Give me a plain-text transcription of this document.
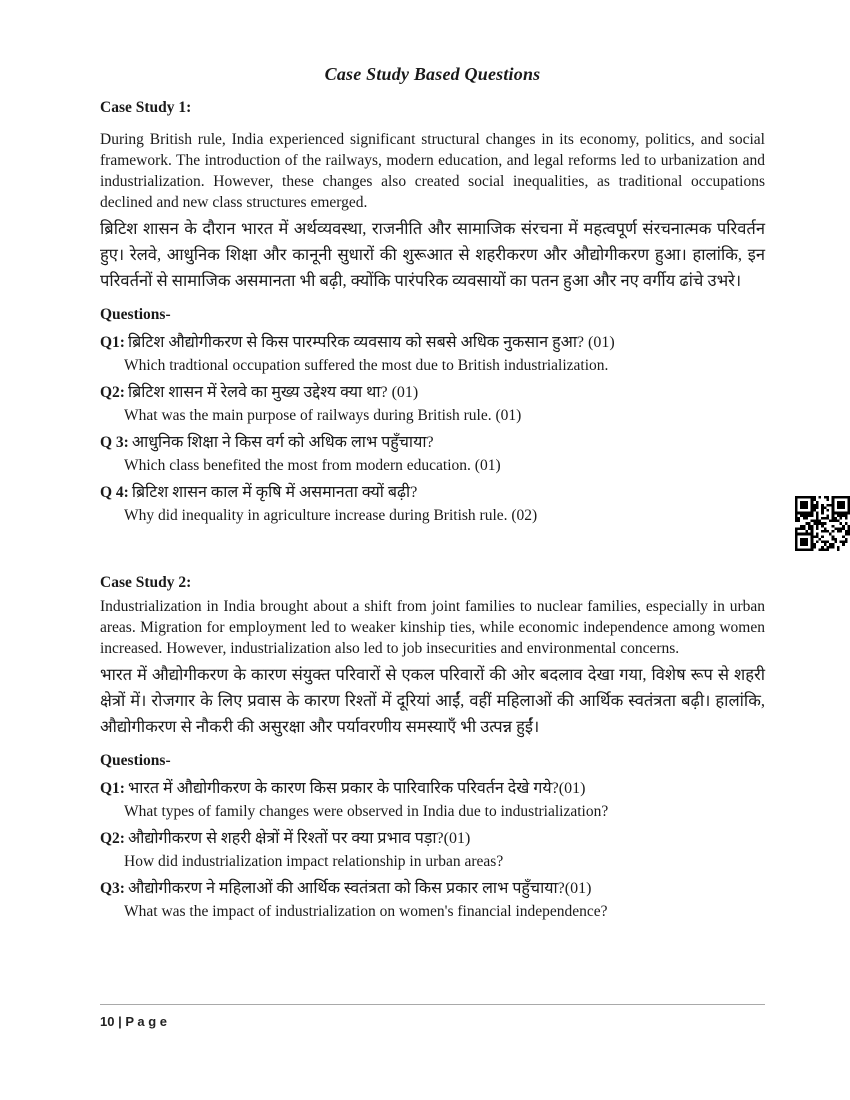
Case Study Based Questions
Case Study 1:

During British rule, India experienced significant structural changes in its economy, politics, and social framework. The introduction of the railways, modern education, and legal reforms led to urbanization and industrialization. However, these changes also created social inequalities, as traditional occupations declined and new class structures emerged.

ब्रिटिश शासन के दौरान भारत में अर्थव्यवस्था, राजनीति और सामाजिक संरचना में महत्वपूर्ण संरचनात्मक परिवर्तन हुए। रेलवे, आधुनिक शिक्षा और कानूनी सुधारों की शुरूआत से शहरीकरण और औद्योगीकरण हुआ। हालांकि, इन परिवर्तनों से सामाजिक असमानता भी बढ़ी, क्योंकि पारंपरिक व्यवसायों का पतन हुआ और नए वर्गीय ढांचे उभरे।

Questions-
Q1: ब्रिटिश औद्योगीकरण से किस पारम्परिक व्यवसाय को सबसे अधिक नुकसान हुआ? (01)
Which tradtional occupation suffered the most due to British industrialization.
Q2: ब्रिटिश शासन में रेलवे का मुख्य उद्देश्य क्या था? (01)
What was the main purpose of railways during British rule. (01)
Q 3: आधुनिक शिक्षा ने किस वर्ग को अधिक लाभ पहुँचाया?
Which class benefited the most from modern education. (01)
Q 4: ब्रिटिश शासन काल में कृषि में असमानता क्यों बढ़ी?
Why did inequality in agriculture increase during British rule. (02)
Case Study 2:

Industrialization in India brought about a shift from joint families to nuclear families, especially in urban areas. Migration for employment led to weaker kinship ties, while economic independence among women increased. However, industrialization also led to job insecurities and environmental concerns.

भारत में औद्योगीकरण के कारण संयुक्त परिवारों से एकल परिवारों की ओर बदलाव देखा गया, विशेष रूप से शहरी क्षेत्रों में। रोजगार के लिए प्रवास के कारण रिश्तों में दूरियां आईं, वहीं महिलाओं की आर्थिक स्वतंत्रता बढ़ी। हालांकि, औद्योगीकरण से नौकरी की असुरक्षा और पर्यावरणीय समस्याएँ भी उत्पन्न हुईं।

Questions-
Q1: भारत में औद्योगीकरण के कारण किस प्रकार के पारिवारिक परिवर्तन देखे गये?(01)
What types of family changes were observed in India due to industrialization?
Q2: औद्योगीकरण से शहरी क्षेत्रों में रिश्तों पर क्या प्रभाव पड़ा?(01)
How did industrialization impact relationship in urban areas?
Q3: औद्योगीकरण ने महिलाओं की आर्थिक स्वतंत्रता को किस प्रकार लाभ पहुँचाया?(01)
What was the impact of industrialization on women's financial independence?
10 | P a g e
